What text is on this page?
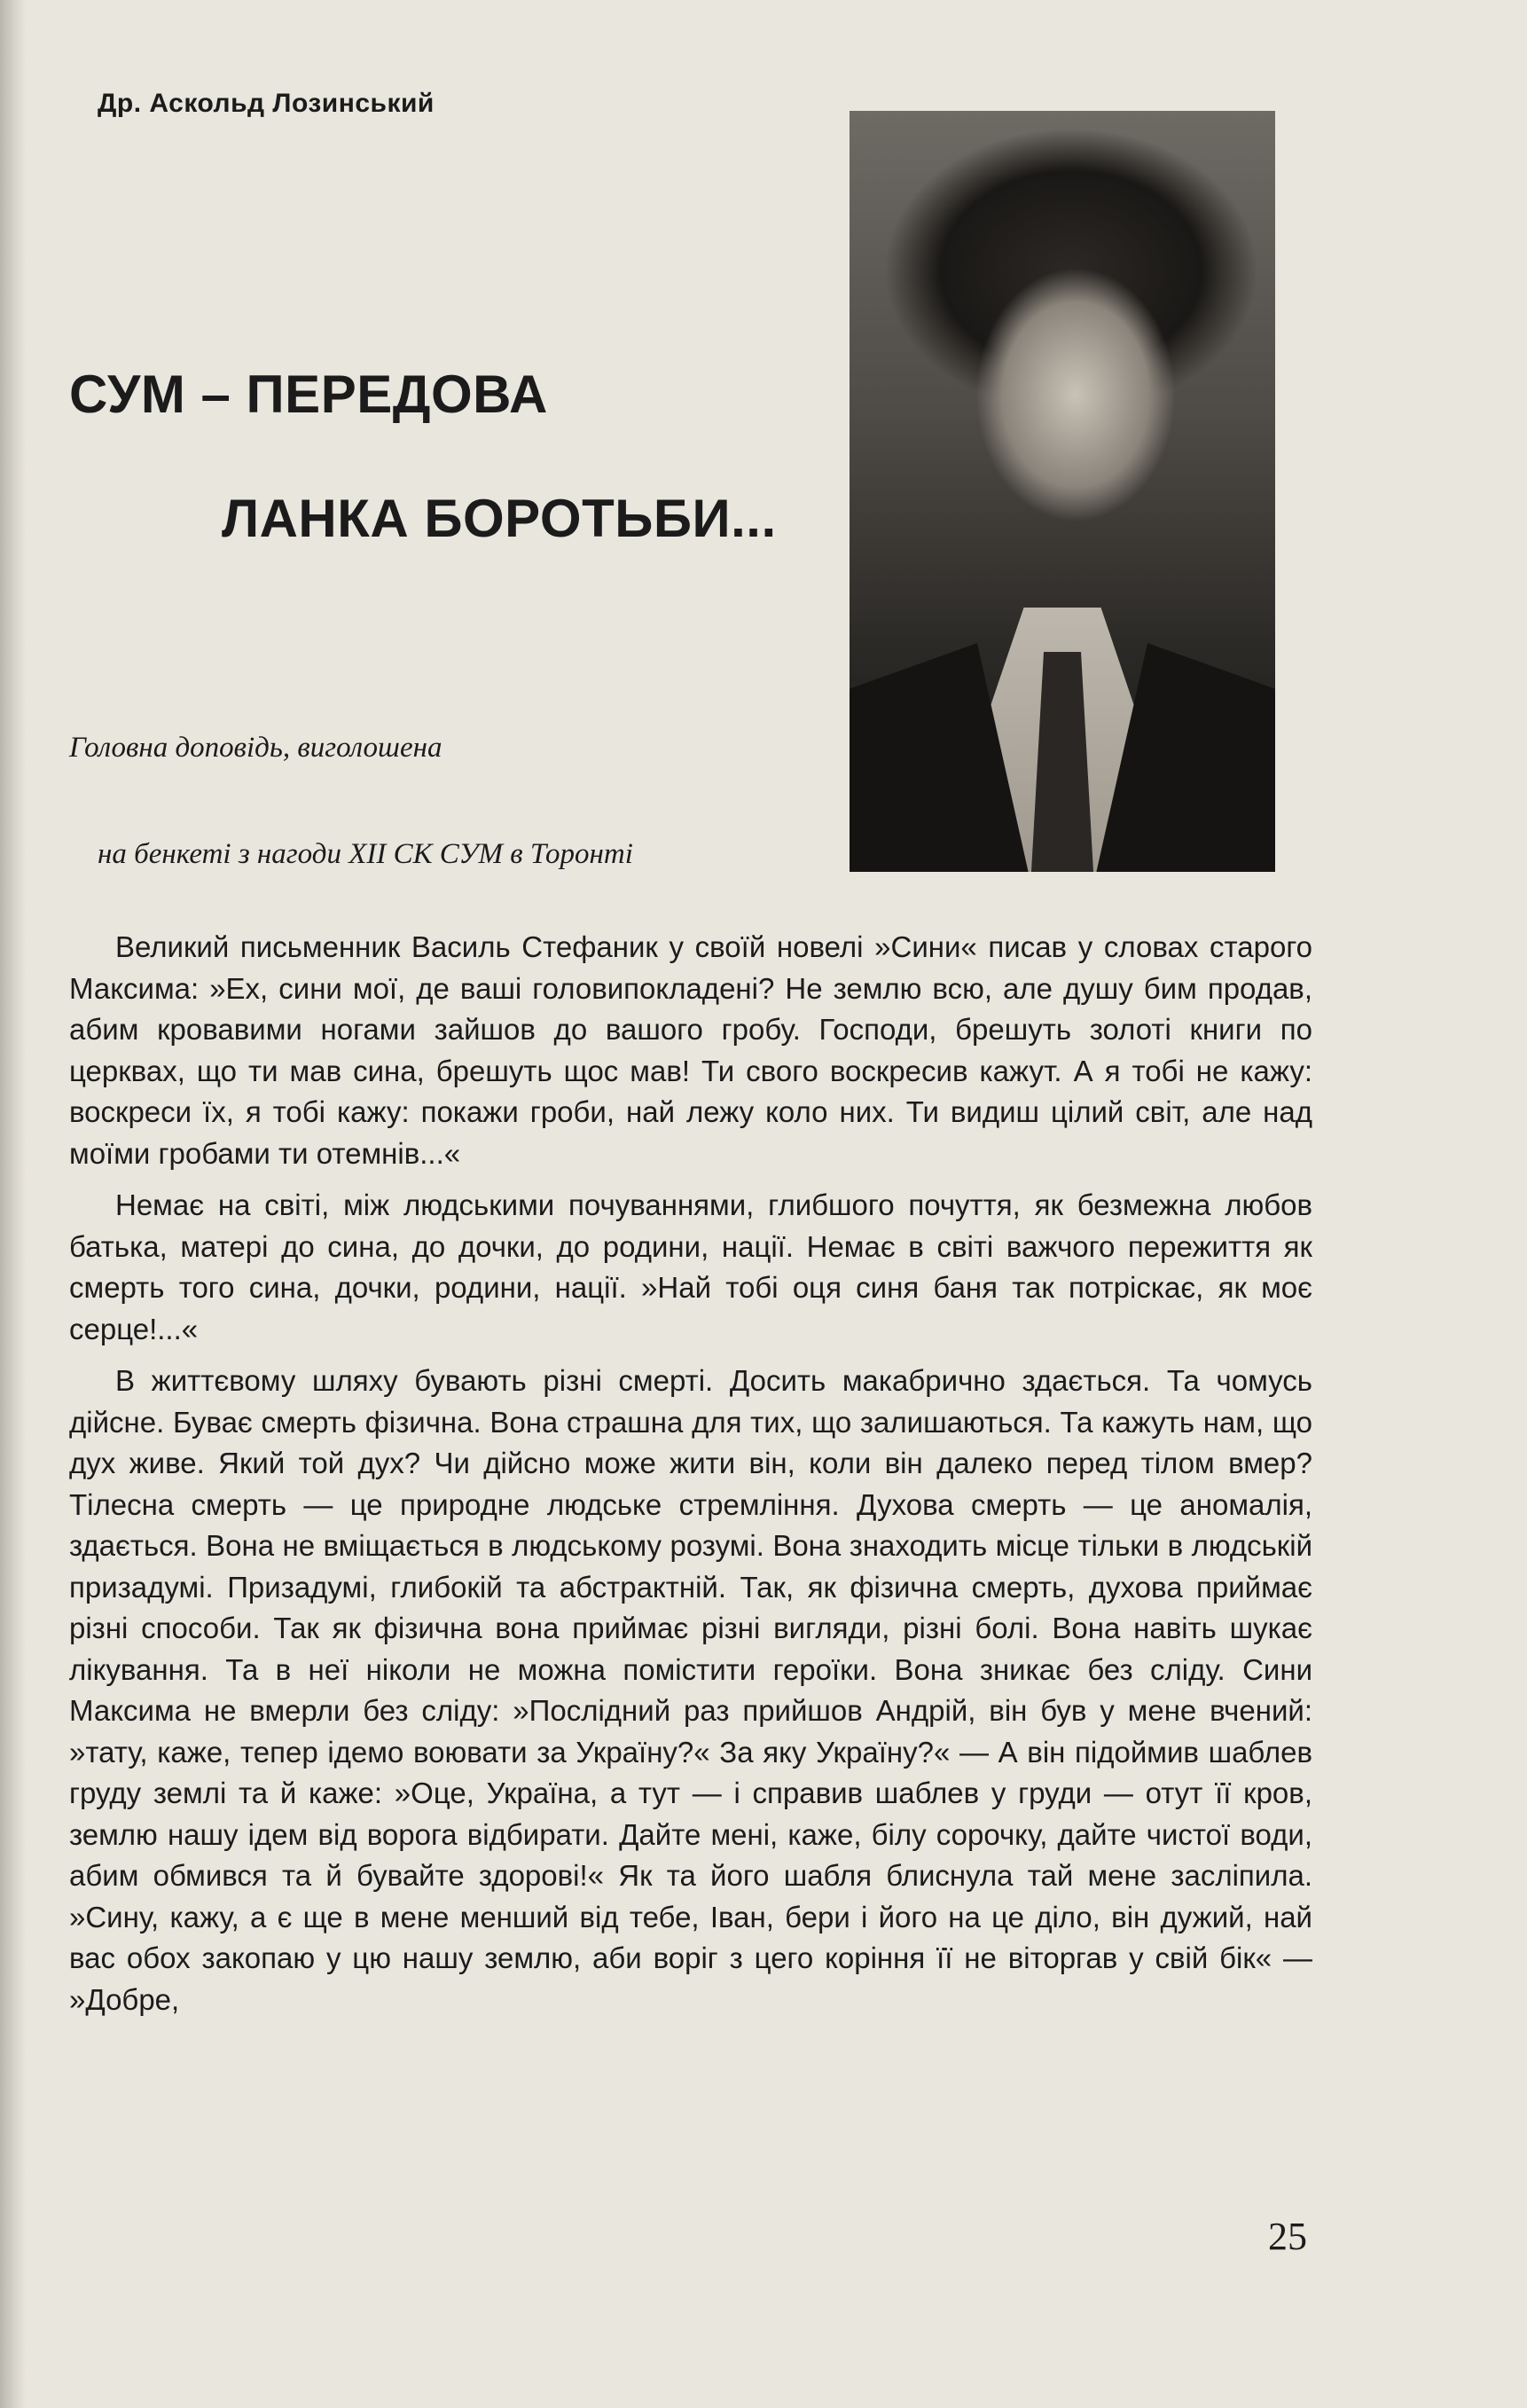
Др. Аскольд Лозинський
СУМ – ПЕРЕДОВА
ЛАНКА БОРОТЬБИ...
Головна доповідь, виголошена
на бенкеті з нагоди XII СК СУМ в Торонті

Великий письменник Василь Стефаник у своїй новелі »Сини« писав у словах старого Максима: »Ех, сини мої, де ваші головипокладені? Не землю всю, але душу бим продав, абим кровавими ногами зайшов до вашого гробу. Господи, брешуть золоті книги по церквах, що ти мав сина, брешуть щос мав! Ти свого воскресив кажут. А я тобі не кажу: воскреси їх, я тобі кажу: покажи гроби, най лежу коло них. Ти видиш цілий світ, але над моїми гробами ти отемнів...«

Немає на світі, між людськими почуваннями, глибшого почуття, як безмежна любов батька, матері до сина, до дочки, до родини, нації. Немає в світі важчого пережиття як смерть того сина, дочки, родини, нації. »Най тобі оця синя баня так потріскає, як моє серце!...«

В життєвому шляху бувають різні смерті. Досить макабрично здається. Та чомусь дійсне. Буває смерть фізична. Вона страшна для тих, що залишаються. Та кажуть нам, що дух живе. Який той дух? Чи дійсно може жити він, коли він далеко перед тілом вмер? Тілесна смерть — це природне людське стремління. Духова смерть — це аномалія, здається. Вона не вміщається в людському розумі. Вона знаходить місце тільки в людській призадумі. Призадумі, глибокій та абстрактній. Так, як фізична смерть, духова приймає різні способи. Так як фізична вона приймає різні вигляди, різні болі. Вона навіть шукає лікування. Та в неї ніколи не можна помістити героїки. Вона зникає без сліду. Сини Максима не вмерли без сліду: »Послідний раз прийшов Андрій, він був у мене вчений: »тату, каже, тепер ідемо воювати за Україну?« За яку Україну?« — А він підоймив шаблев груду землі та й каже: »Оце, Україна, а тут — і справив шаблев у груди — отут її кров, землю нашу ідем від ворога відбирати. Дайте мені, каже, білу сорочку, дайте чистої води, абим обмився та й бувайте здорові!« Як та його шабля блиснула тай мене засліпила. »Сину, кажу, а є ще в мене менший від тебе, Іван, бери і його на це діло, він дужий, най вас обох закопаю у цю нашу землю, аби воріг з цего коріння її не віторгав у свій бік« — »Добре,

25
